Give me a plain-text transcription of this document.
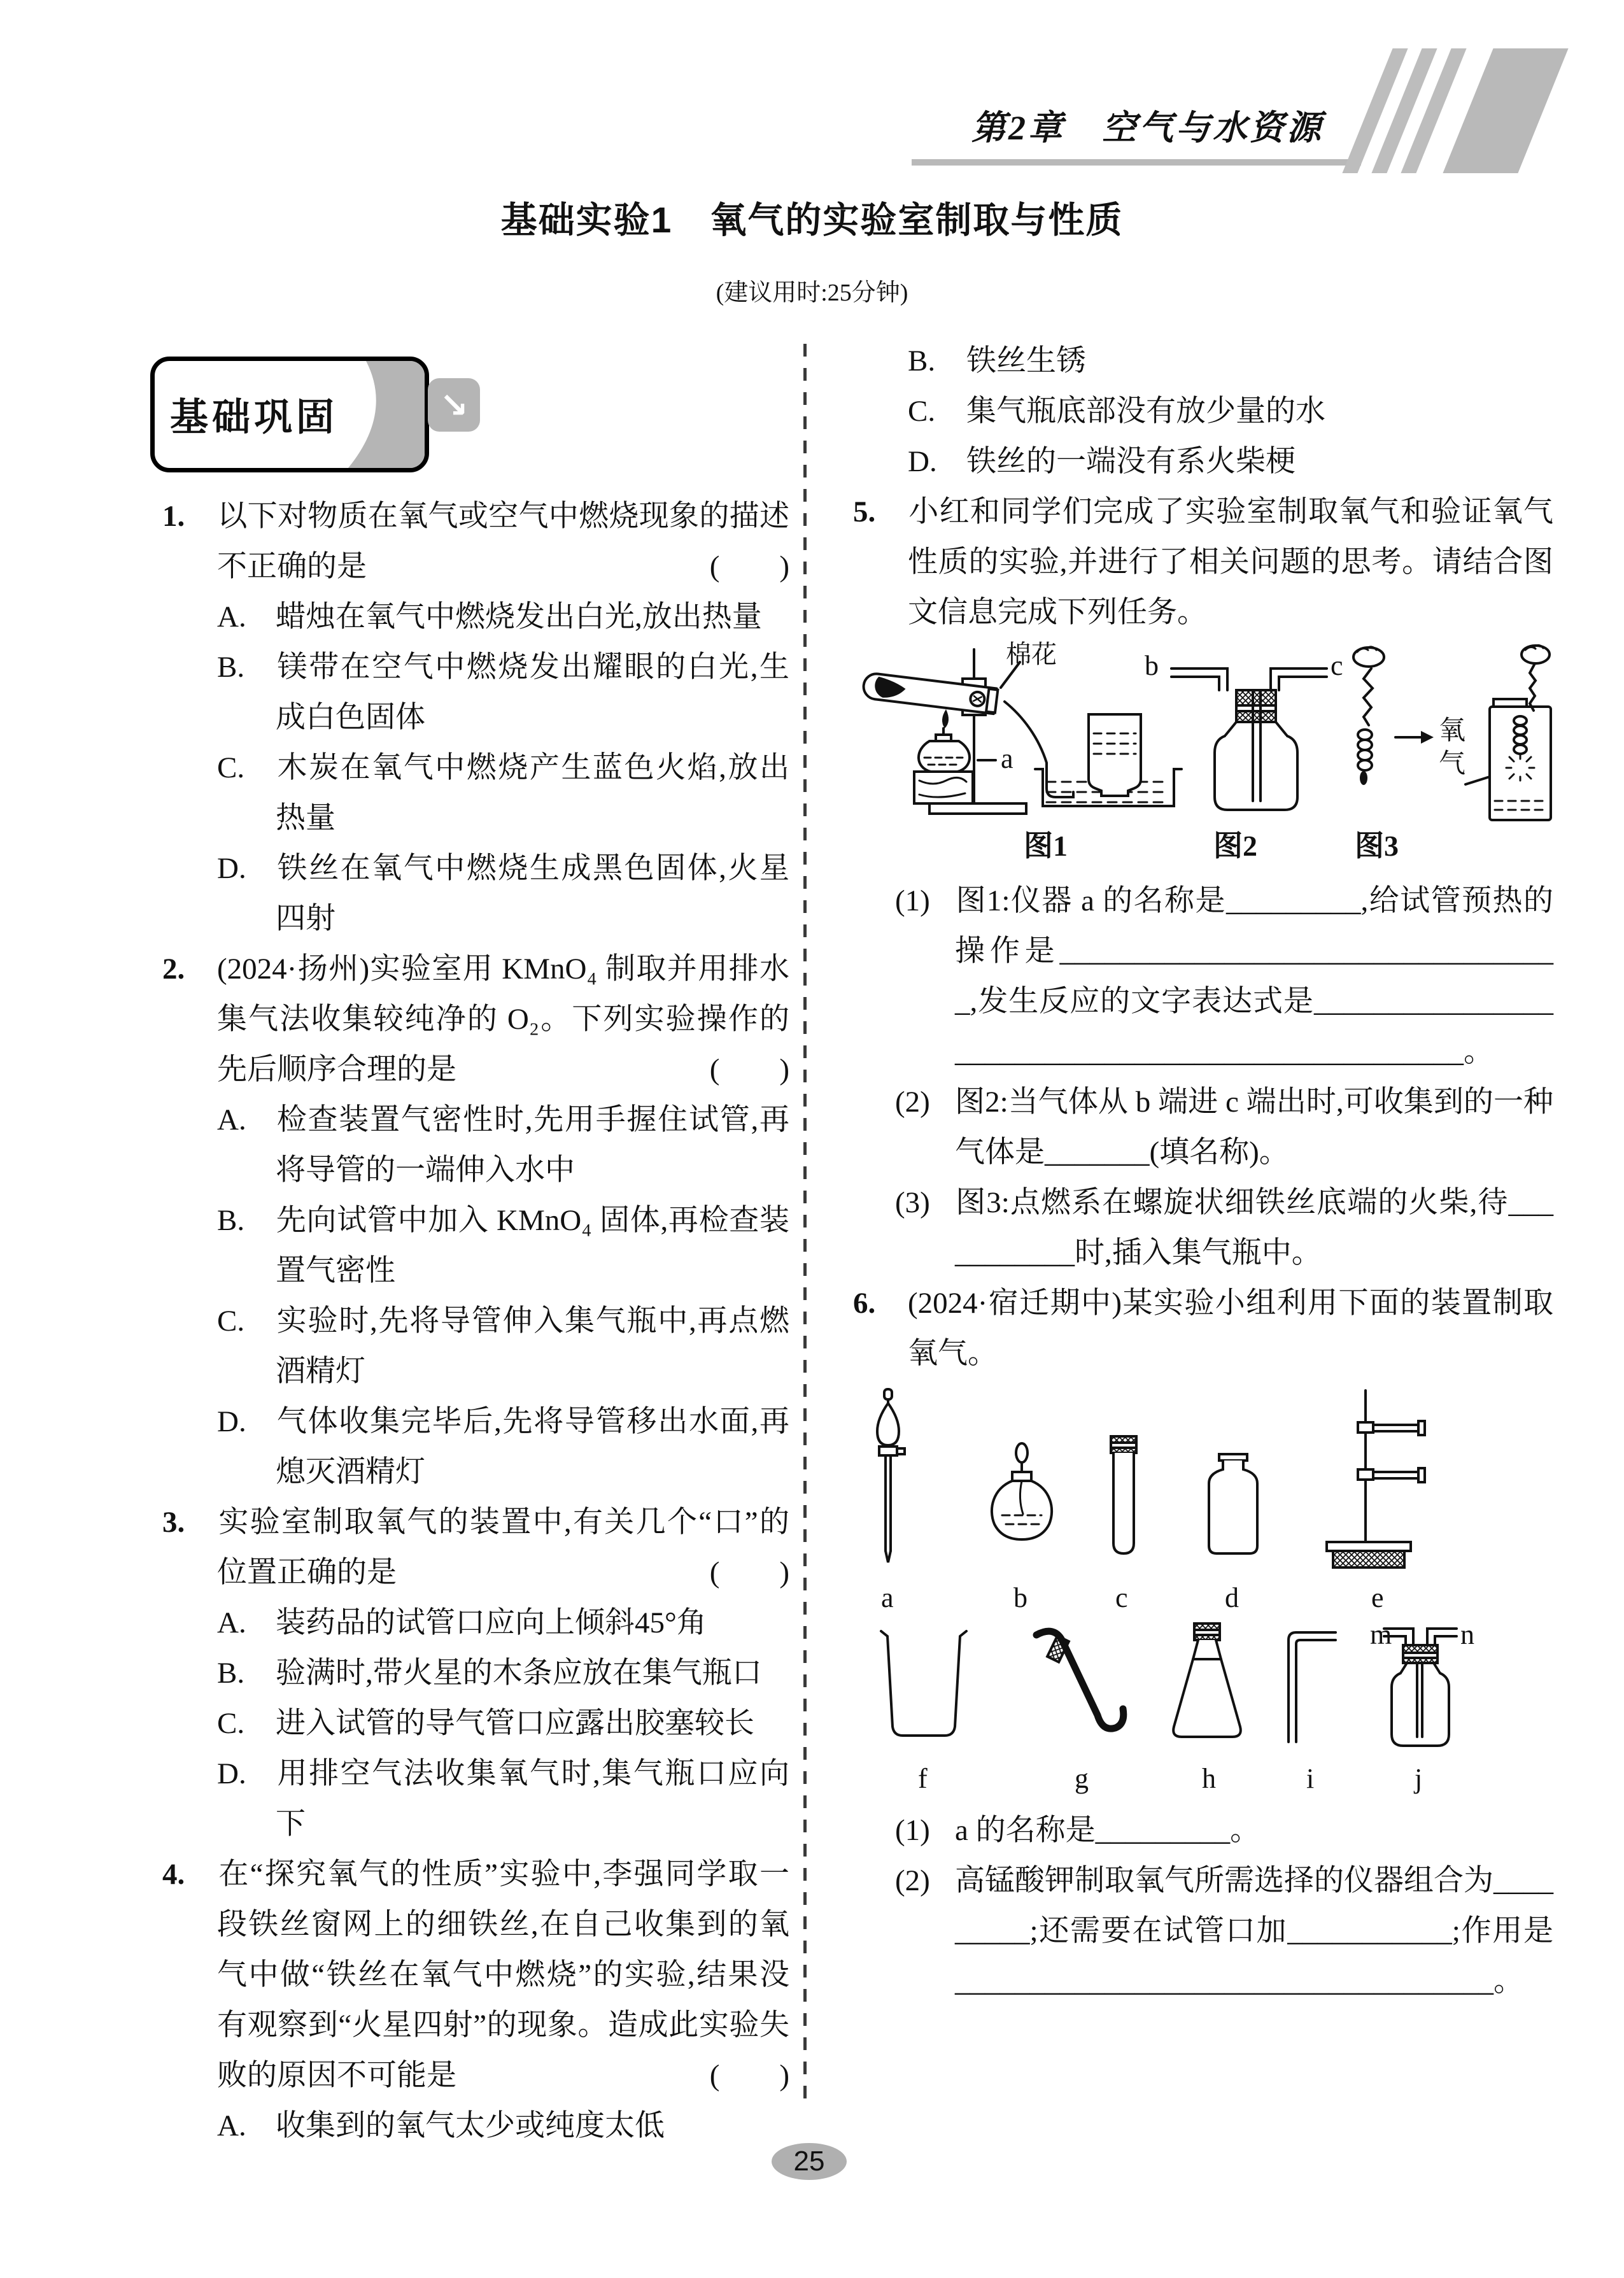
第2章　空气与水资源
基础实验1　氧气的实验室制取与性质
(建议用时:25分钟)
基础巩固	↘
1. 以下对物质在氧气或空气中燃烧现象的描述不正确的是	(　　)
A. 蜡烛在氧气中燃烧发出白光,放出热量
B. 镁带在空气中燃烧发出耀眼的白光,生成白色固体
C. 木炭在氧气中燃烧产生蓝色火焰,放出热量
D. 铁丝在氧气中燃烧生成黑色固体,火星四射
2. (2024·扬州)实验室用 KMnO₄ 制取并用排水集气法收集较纯净的 O₂。下列实验操作的先后顺序合理的是	(　　)
A. 检查装置气密性时,先用手握住试管,再将导管的一端伸入水中
B. 先向试管中加入 KMnO₄ 固体,再检查装置气密性
C. 实验时,先将导管伸入集气瓶中,再点燃酒精灯
D. 气体收集完毕后,先将导管移出水面,再熄灭酒精灯
3. 实验室制取氧气的装置中,有关几个“口”的位置正确的是	(　　)
A. 装药品的试管口应向上倾斜45°角
B. 验满时,带火星的木条应放在集气瓶口
C. 进入试管的导气管口应露出胶塞较长
D. 用排空气法收集氧气时,集气瓶口应向下
4. 在“探究氧气的性质”实验中,李强同学取一段铁丝窗网上的细铁丝,在自己收集到的氧气中做“铁丝在氧气中燃烧”的实验,结果没有观察到“火星四射”的现象。造成此实验失败的原因不可能是	(　　)
A. 收集到的氧气太少或纯度太低
B. 铁丝生锈
C. 集气瓶底部没有放少量的水
D. 铁丝的一端没有系火柴梗
5. 小红和同学们完成了实验室制取氧气和验证氧气性质的实验,并进行了相关问题的思考。请结合图文信息完成下列任务。
棉花
a
b	c
氧气
图1	图2	图3
(1) 图1:仪器 a 的名称是_________,给试管预热的操作是__________________________________,发生反应的文字表达式是__________________________________________________。
(2) 图2:当气体从 b 端进 c 端出时,可收集到的一种气体是_______(填名称)。
(3) 图3:点燃系在螺旋状细铁丝底端的火柴,待___________时,插入集气瓶中。
6. (2024·宿迁期中)某实验小组利用下面的装置制取氧气。
a	b	c	d	e
m n
f	g	h	i	j
(1) a 的名称是_________。
(2) 高锰酸钾制取氧气所需选择的仪器组合为_________;还需要在试管口加___________;作用是____________________________________。
25
